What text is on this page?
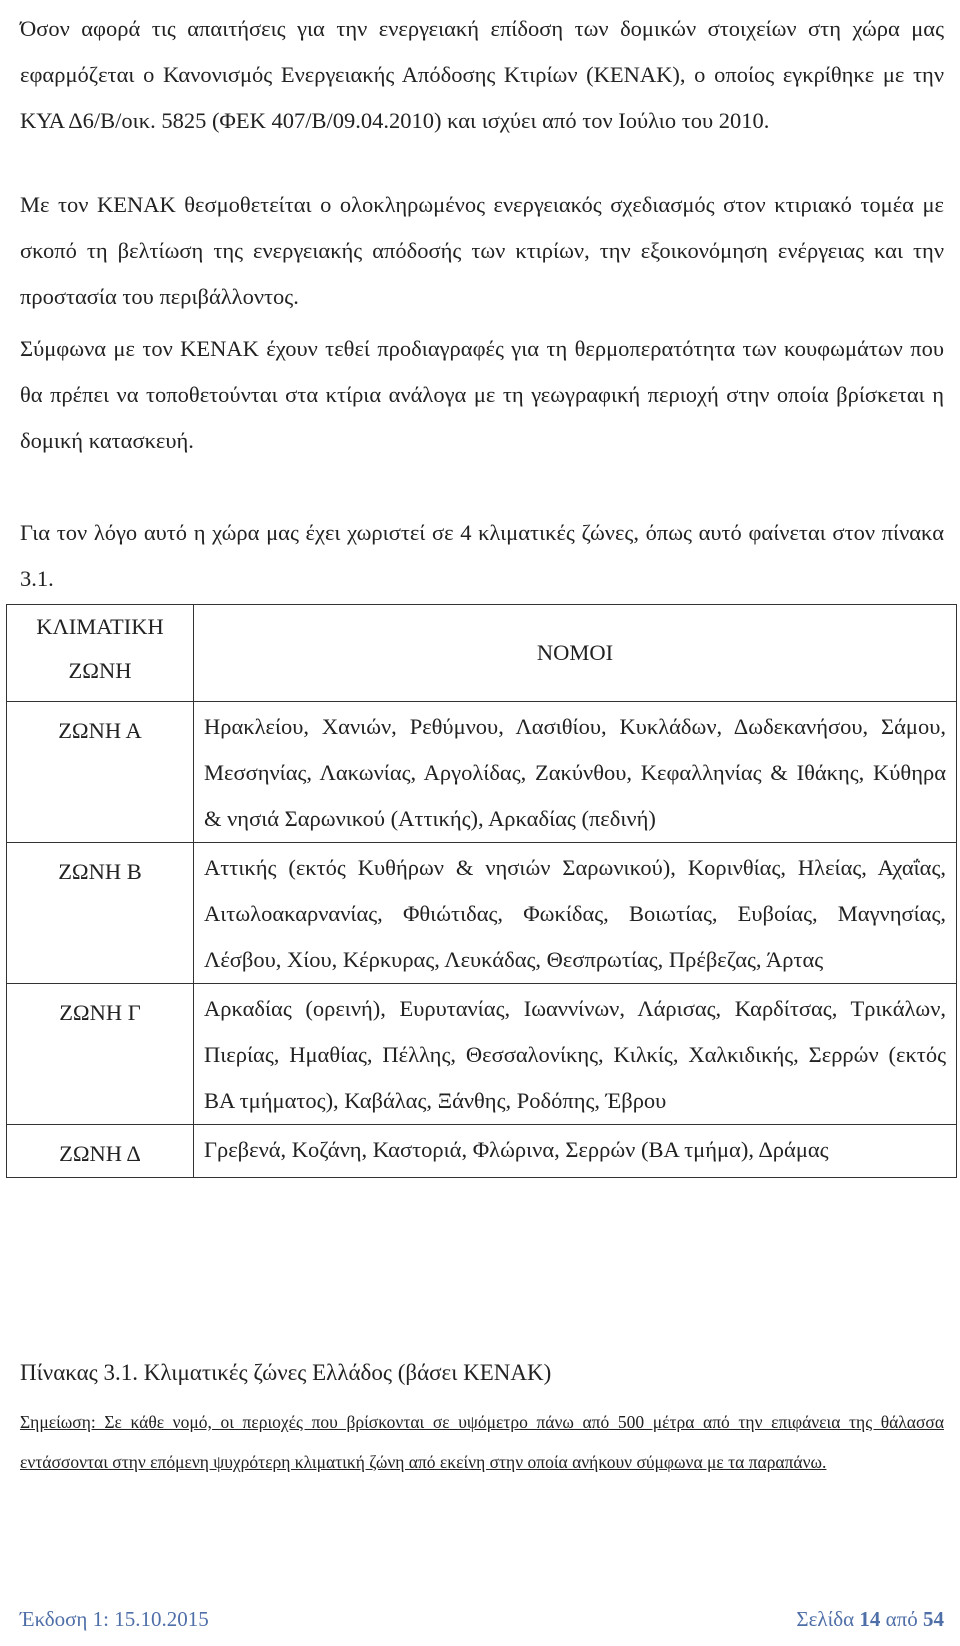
Όσον αφορά τις απαιτήσεις για την ενεργειακή επίδοση των δομικών στοιχείων στη χώρα μας εφαρμόζεται ο Κανονισμός Ενεργειακής Απόδοσης Κτιρίων (ΚΕΝΑΚ), ο οποίος εγκρίθηκε με την ΚΥΑ Δ6/Β/οικ. 5825 (ΦΕΚ 407/Β/09.04.2010) και ισχύει από τον Ιούλιο του 2010.

Με τον ΚΕΝΑΚ θεσμοθετείται ο ολοκληρωμένος ενεργειακός σχεδιασμός στον κτιριακό τομέα με σκοπό τη βελτίωση της ενεργειακής απόδοσής των κτιρίων, την εξοικονόμηση ενέργειας και την προστασία του περιβάλλοντος.

Σύμφωνα με τον ΚΕΝΑΚ έχουν τεθεί προδιαγραφές για τη θερμοπερατότητα των κουφωμάτων που θα πρέπει να τοποθετούνται στα κτίρια ανάλογα με τη γεωγραφική περιοχή στην οποία βρίσκεται η δομική κατασκευή.

Για τον λόγο αυτό η χώρα μας έχει χωριστεί σε 4 κλιματικές ζώνες, όπως αυτό φαίνεται στον πίνακα 3.1.

ΚΛΙΜΑΤΙΚΗ
ΖΩΝΗ	ΝΟΜΟΙ

ΖΩΝΗ Α	Ηρακλείου, Χανιών, Ρεθύμνου, Λασιθίου, Κυκλάδων, Δωδεκανήσου, Σάμου, Μεσσηνίας, Λακωνίας, Αργολίδας, Ζακύνθου, Κεφαλληνίας & Ιθάκης, Κύθηρα & νησιά Σαρωνικού (Αττικής), Αρκαδίας (πεδινή)

ΖΩΝΗ Β	Αττικής (εκτός Κυθήρων & νησιών Σαρωνικού), Κορινθίας, Ηλείας, Αχαΐας, Αιτωλοακαρνανίας, Φθιώτιδας, Φωκίδας, Βοιωτίας, Ευβοίας, Μαγνησίας, Λέσβου, Χίου, Κέρκυρας, Λευκάδας, Θεσπρωτίας, Πρέβεζας, Άρτας

ΖΩΝΗ Γ	Αρκαδίας (ορεινή), Ευρυτανίας, Ιωαννίνων, Λάρισας, Καρδίτσας, Τρικάλων, Πιερίας, Ημαθίας, Πέλλης, Θεσσαλονίκης, Κιλκίς, Χαλκιδικής, Σερρών (εκτός ΒΑ τμήματος), Καβάλας, Ξάνθης, Ροδόπης, Έβρου

ΖΩΝΗ Δ	Γρεβενά, Κοζάνη, Καστοριά, Φλώρινα, Σερρών (ΒΑ τμήμα), Δράμας

Πίνακας 3.1. Κλιματικές ζώνες Ελλάδος (βάσει ΚΕΝΑΚ)

Σημείωση: Σε κάθε νομό, οι περιοχές που βρίσκονται σε υψόμετρο πάνω από 500 μέτρα από την επιφάνεια της θάλασσα εντάσσονται στην επόμενη ψυχρότερη κλιματική ζώνη από εκείνη στην οποία ανήκουν σύμφωνα με τα παραπάνω.

Έκδοση 1: 15.10.2015	Σελίδα 14 από 54
